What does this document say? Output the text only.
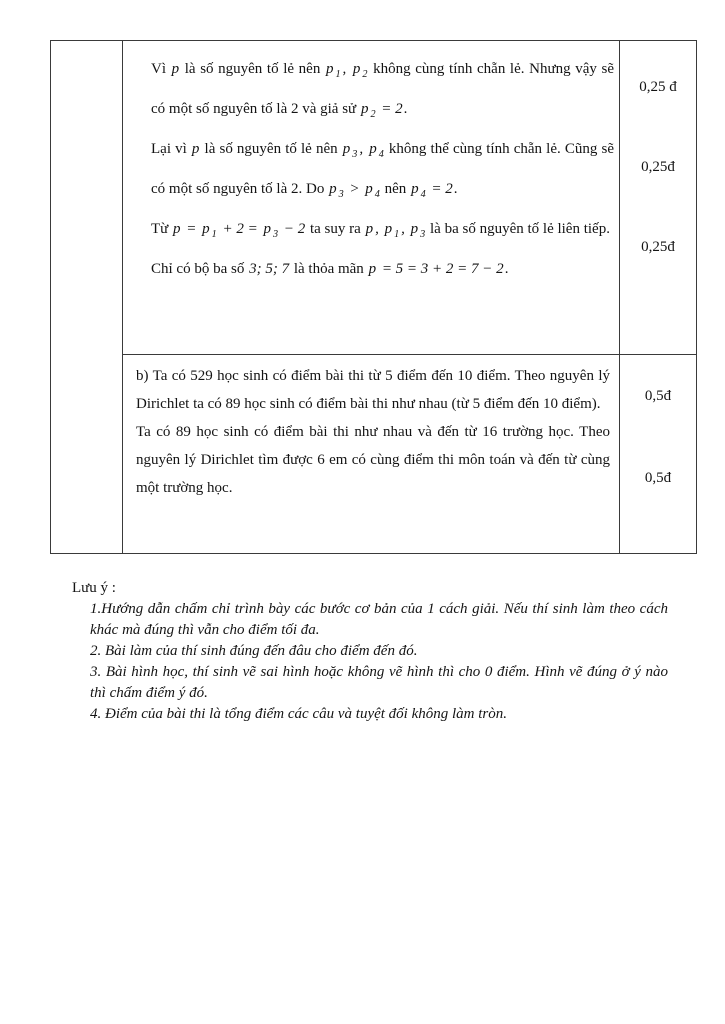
Vì p là số nguyên tố lẻ nên p $_1$ , p $_2$ không cùng tính chẵn lẻ. Nhưng vậy sẽ có một số nguyên tố là 2 và giả sử p $_2$ = 2.

Lại vì p là số nguyên tố lẻ nên p $_3$ , p $_4$ không thể cùng tính chẵn lẻ. Cũng sẽ có một số nguyên tố là 2. Do p $_3$ > p $_4$ nên p $_4$ = 2.

Từ p = p $_1$ + 2 = p $_3$ − 2 ta suy ra p , p $_1$ , p $_3$ là ba số nguyên tố lẻ liên tiếp.

Chỉ có bộ ba số 3; 5; 7 là thỏa mãn p = 5 = 3 + 2 = 7 − 2.

0,25 đ
0,25đ
0,25đ

b) Ta có 529 học sinh có điểm bài thi từ 5 điểm đến 10 điểm. Theo nguyên lý Dirichlet ta có 89 học sinh có điểm bài thi như nhau (từ 5 điểm đến 10 điểm).

Ta có 89 học sinh có điểm bài thi như nhau và đến từ 16 trường học. Theo nguyên lý Dirichlet tìm được 6 em có cùng điểm thi môn toán và đến từ cùng một trường học.

0,5đ
0,5đ
Lưu ý :

1.Hướng dẫn chấm chỉ trình bày các bước cơ bản của 1 cách giải. Nếu thí sinh làm theo cách khác mà đúng thì vẫn cho điểm tối đa.

2. Bài làm của thí sinh đúng đến đâu cho điểm đến đó.

3. Bài hình học, thí sinh vẽ sai hình hoặc không vẽ hình thì cho 0 điểm. Hình vẽ đúng ở ý nào thì chấm điểm ý đó.

4. Điểm của bài thi là tổng điểm các câu và tuyệt đối không làm tròn.
